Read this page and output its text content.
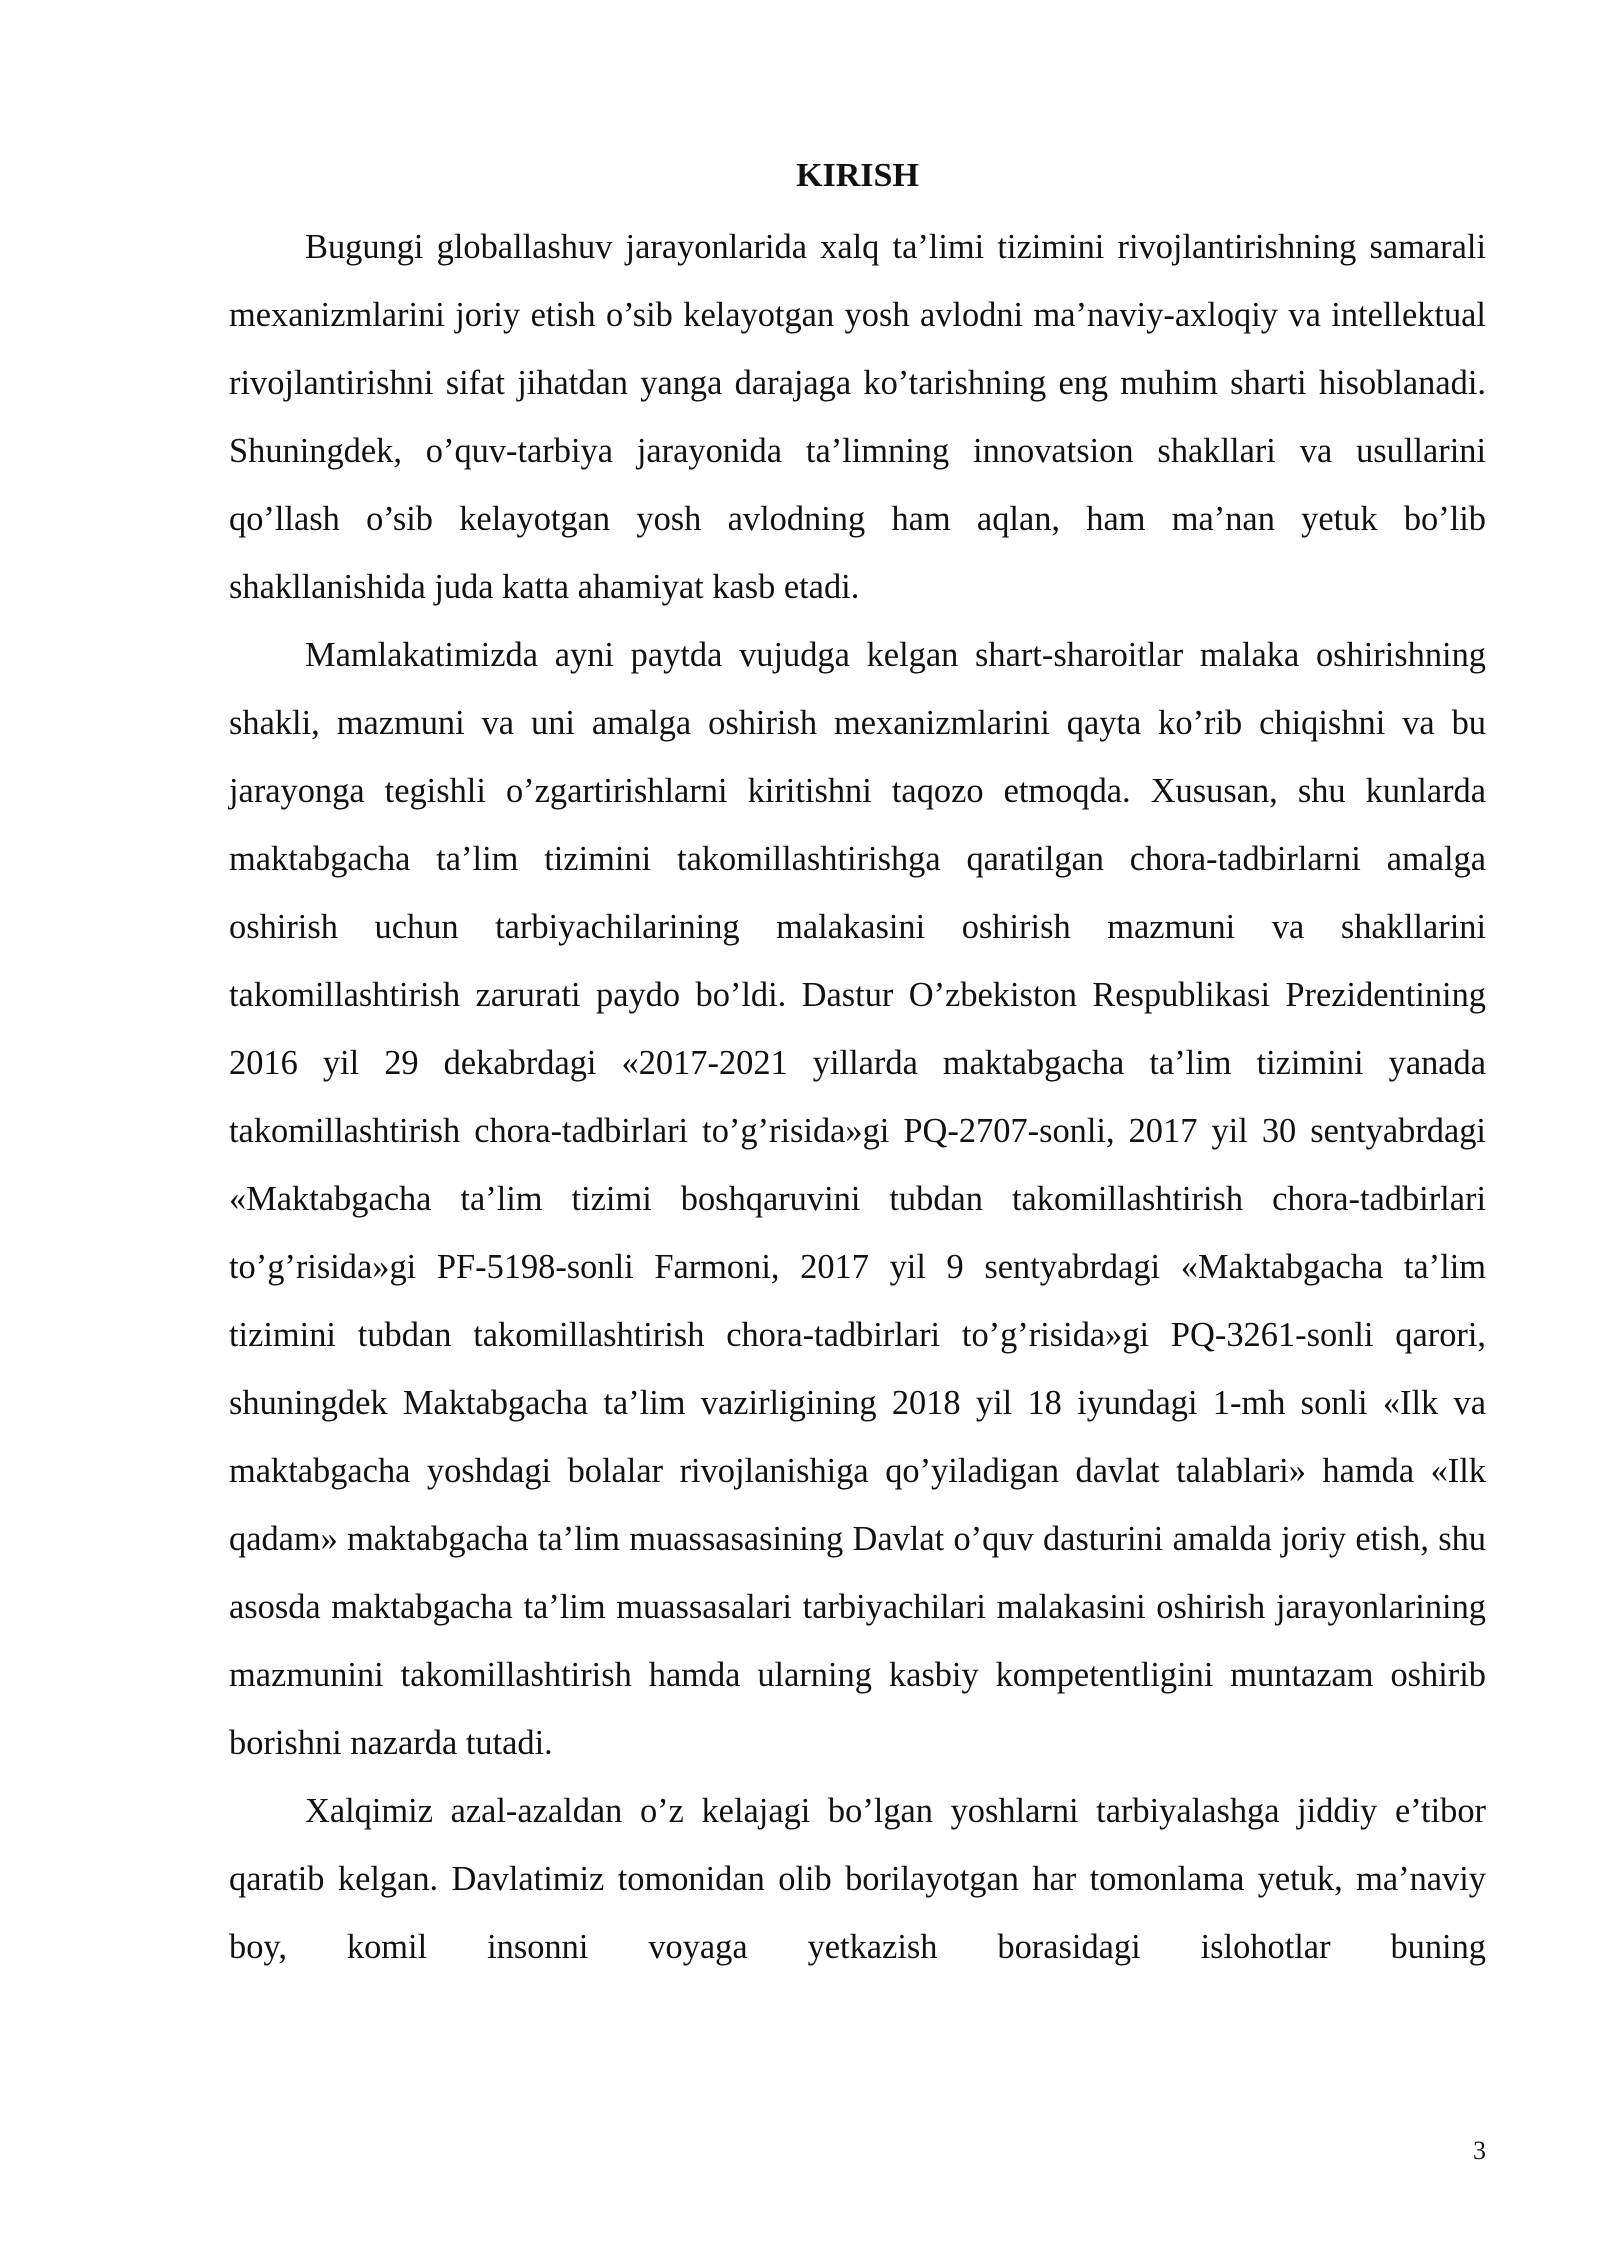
KIRISH

Bugungi globallashuv jarayonlarida xalq ta’limi tizimini rivojlantirishning samarali mexanizmlarini joriy etish o’sib kelayotgan yosh avlodni ma’naviy-axloqiy va intellektual rivojlantirishni sifat jihatdan yanga darajaga ko’tarishning eng muhim sharti hisoblanadi. Shuningdek, o’quv-tarbiya jarayonida ta’limning innovatsion shakllari va usullarini qo’llash o’sib kelayotgan yosh avlodning ham aqlan, ham ma’nan yetuk bo’lib shakllanishida juda katta ahamiyat kasb etadi.

Mamlakatimizda ayni paytda vujudga kelgan shart-sharoitlar malaka oshirishning shakli, mazmuni va uni amalga oshirish mexanizmlarini qayta ko’rib chiqishni va bu jarayonga tegishli o’zgartirishlarni kiritishni taqozo etmoqda. Xususan, shu kunlarda maktabgacha ta’lim tizimini takomillashtirishga qaratilgan chora-tadbirlarni amalga oshirish uchun tarbiyachilarining malakasini oshirish mazmuni va shakllarini takomillashtirish zarurati paydo bo’ldi. Dastur O’zbekiston Respublikasi Prezidentining 2016 yil 29 dekabrdagi «2017-2021 yillarda maktabgacha ta’lim tizimini yanada takomillashtirish chora-tadbirlari to’g’risida»gi PQ-2707-sonli, 2017 yil 30 sentyabrdagi «Maktabgacha ta’lim tizimi boshqaruvini tubdan takomillashtirish chora-tadbirlari to’g’risida»gi PF-5198-sonli Farmoni, 2017 yil 9 sentyabrdagi «Maktabgacha ta’lim tizimini tubdan takomillashtirish chora-tadbirlari to’g’risida»gi PQ-3261-sonli qarori, shuningdek Maktabgacha ta’lim vazirligining 2018 yil 18 iyundagi 1-mh sonli «Ilk va maktabgacha yoshdagi bolalar rivojlanishiga qo’yiladigan davlat talablari» hamda «Ilk qadam» maktabgacha ta’lim muassasasining Davlat o’quv dasturini amalda joriy etish, shu asosda maktabgacha ta’lim muassasalari tarbiyachilari malakasini oshirish jarayonlarining mazmunini takomillashtirish hamda ularning kasbiy kompetentligini muntazam oshirib borishni nazarda tutadi.

Xalqimiz azal-azaldan o’z kelajagi bo’lgan yoshlarni tarbiyalashga jiddiy e’tibor qaratib kelgan. Davlatimiz tomonidan olib borilayotgan har tomonlama yetuk, ma’naviy boy, komil insonni voyaga yetkazish borasidagi islohotlar buning

3
